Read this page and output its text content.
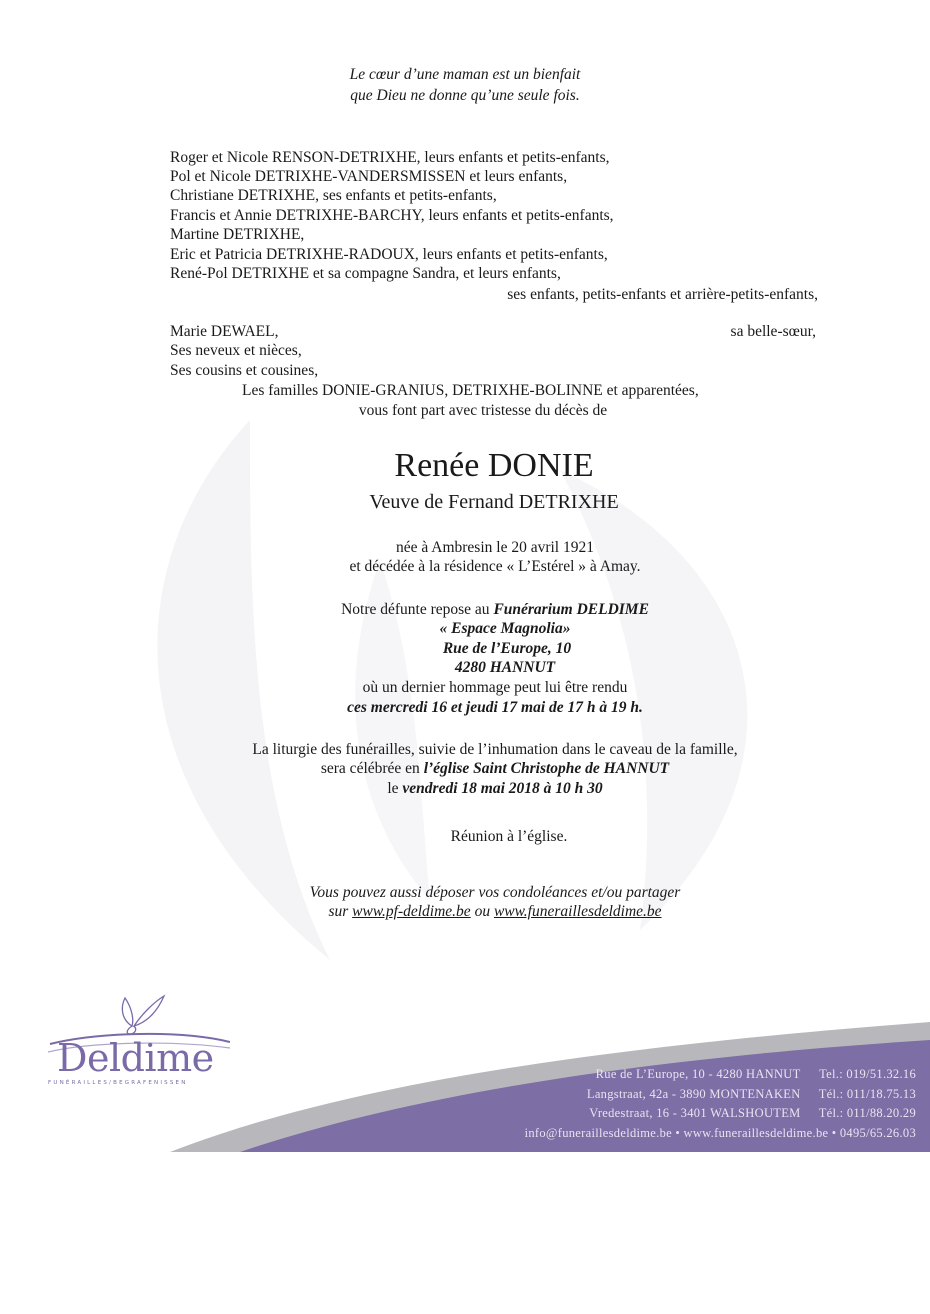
Le cœur d’une maman est un bienfait
que Dieu ne donne qu’une seule fois.
Roger et Nicole RENSON-DETRIXHE, leurs enfants et petits-enfants,
Pol et Nicole DETRIXHE-VANDERSMISSEN et leurs enfants,
Christiane DETRIXHE, ses enfants et petits-enfants,
Francis et Annie DETRIXHE-BARCHY, leurs enfants et petits-enfants,
Martine DETRIXHE,
Eric et Patricia DETRIXHE-RADOUX, leurs enfants et petits-enfants,
René-Pol DETRIXHE et sa compagne Sandra, et leurs enfants,
ses enfants, petits-enfants et arrière-petits-enfants,
Marie DEWAEL,	sa belle-sœur,
Ses neveux et nièces,
Ses cousins et cousines,
Les familles DONIE-GRANIUS, DETRIXHE-BOLINNE et apparentées,
vous font part avec tristesse du décès de
Renée DONIE
Veuve de Fernand DETRIXHE
née à Ambresin le 20 avril 1921
et décédée à la résidence « L’Estérel » à Amay.
Notre défunte repose au Funérarium DELDIME
« Espace Magnolia»
Rue de l’Europe, 10
4280 HANNUT
où un dernier hommage peut lui être rendu
ces mercredi 16 et jeudi 17 mai de 17 h à 19 h.
La liturgie des funérailles, suivie de l’inhumation dans le caveau de la famille,
sera célébrée en l’église Saint Christophe de HANNUT
le vendredi 18 mai 2018 à 10 h 30
Réunion à l’église.
Vous pouvez aussi déposer vos condoléances et/ou partager
sur www.pf-deldime.be ou www.funeraillesdeldime.be
Deldime
FUNÉRAILLES/BEGRAFENISSEN
Rue de L’Europe, 10 - 4280 HANNUT Tel.: 019/51.32.16
Langstraat, 42a - 3890 MONTENAKEN Tél.: 011/18.75.13
Vredestraat, 16 - 3401 WALSHOUTEM Tél.: 011/88.20.29
info@funeraillesdeldime.be • www.funeraillesdeldime.be • 0495/65.26.03
